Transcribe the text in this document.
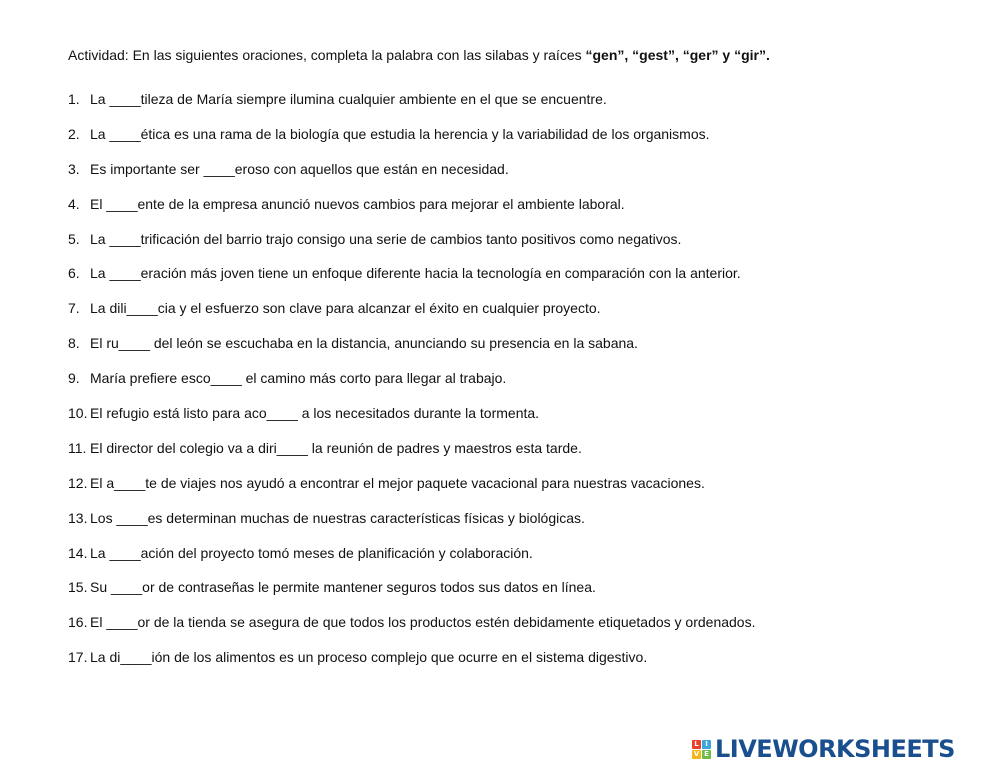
Actividad: En las siguientes oraciones, completa la palabra con las silabas y raíces “gen”, “gest”, “ger” y “gir”.
1. La ____tileza de María siempre ilumina cualquier ambiente en el que se encuentre.
2. La ____ética es una rama de la biología que estudia la herencia y la variabilidad de los organismos.
3. Es importante ser ____eroso con aquellos que están en necesidad.
4. El ____ente de la empresa anunció nuevos cambios para mejorar el ambiente laboral.
5. La ____trificación del barrio trajo consigo una serie de cambios tanto positivos como negativos.
6. La ____eración más joven tiene un enfoque diferente hacia la tecnología en comparación con la anterior.
7. La dili____cia y el esfuerzo son clave para alcanzar el éxito en cualquier proyecto.
8. El ru____ del león se escuchaba en la distancia, anunciando su presencia en la sabana.
9. María prefiere esco____ el camino más corto para llegar al trabajo.
10. El refugio está listo para aco____ a los necesitados durante la tormenta.
11. El director del colegio va a diri____ la reunión de padres y maestros esta tarde.
12. El a____te de viajes nos ayudó a encontrar el mejor paquete vacacional para nuestras vacaciones.
13. Los ____es determinan muchas de nuestras características físicas y biológicas.
14. La ____ación del proyecto tomó meses de planificación y colaboración.
15. Su ____or de contraseñas le permite mantener seguros todos sus datos en línea.
16. El ____or de la tienda se asegura de que todos los productos estén debidamente etiquetados y ordenados.
17. La di____ión de los alimentos es un proceso complejo que ocurre en el sistema digestivo.
L I
V E LIVEWORKSHEETS
